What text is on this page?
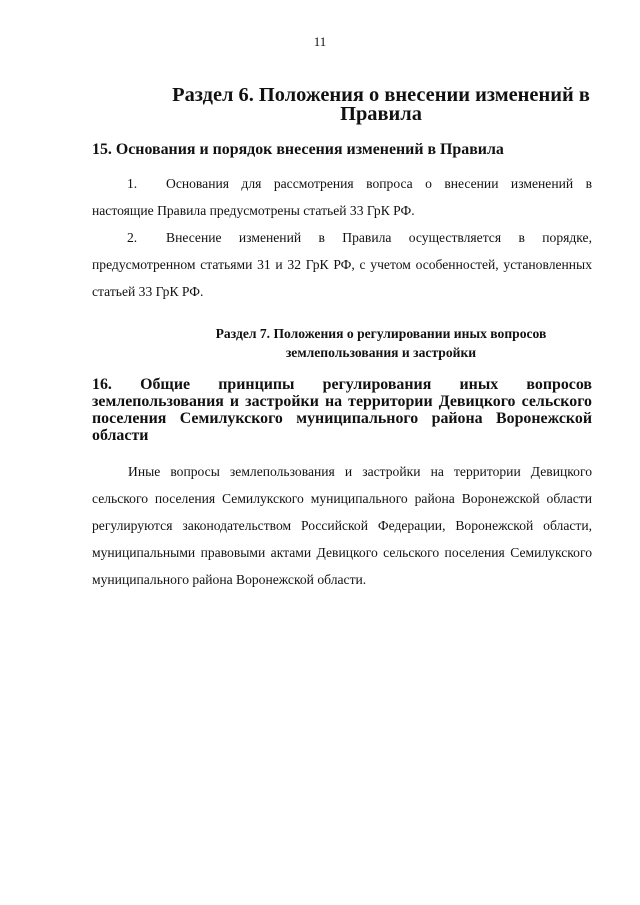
11
Раздел 6. Положения о внесении изменений в Правила
15. Основания и порядок внесения изменений в Правила

1. Основания для рассмотрения вопроса о внесении изменений в настоящие Правила предусмотрены статьей 33 ГрК РФ.

2. Внесение изменений в Правила осуществляется в порядке, предусмотренном статьями 31 и 32 ГрК РФ, с учетом особенностей, установленных статьей 33 ГрК РФ.

Раздел 7. Положения о регулировании иных вопросов
землепользования и застройки
16. Общие принципы регулирования иных вопросов землепользования и застройки на территории Девицкого сельского поселения Семилукского муниципального района Воронежской области

Иные вопросы землепользования и застройки на территории Девицкого сельского поселения Семилукского муниципального района Воронежской области регулируются законодательством Российской Федерации, Воронежской области, муниципальными правовыми актами Девицкого сельского поселения Семилукского муниципального района Воронежской области.
